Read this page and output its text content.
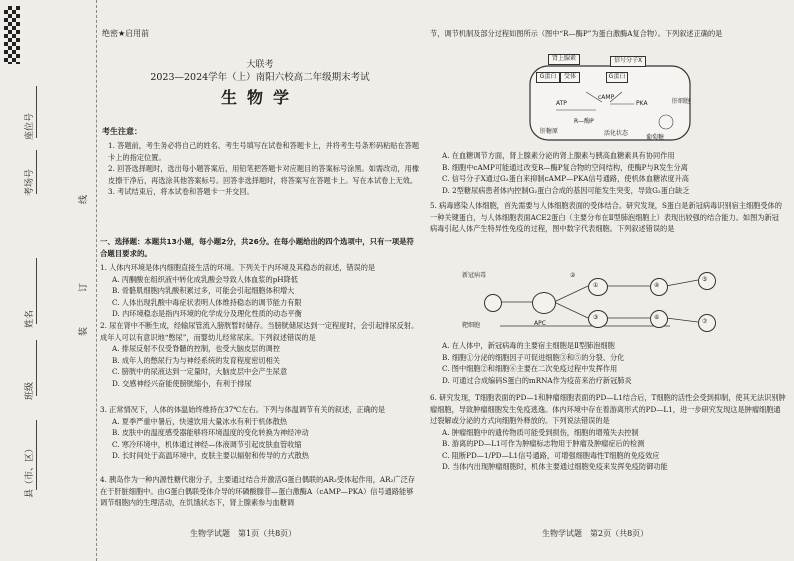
座位号
考场号
姓名
班级
县（市、区）
线
订
装
绝密★启用前
大联考
2023—2024学年（上）南阳六校高二年级期末考试
生物学
考生注意：

1. 答题前，考生务必将自己的姓名、考生号填写在试卷和答题卡上，并将考生号条形码粘贴在答题卡上的指定位置。

2. 回答选择题时，选出每小题答案后，用铅笔把答题卡对应题目的答案标号涂黑。如需改动，用橡皮擦干净后，再选涂其他答案标号。回答非选择题时，将答案写在答题卡上。写在本试卷上无效。

3. 考试结束后，将本试卷和答题卡一并交回。

一、选择题：本题共13小题，每小题2分，共26分。在每小题给出的四个选项中，只有一项是符合题目要求的。

1. 人体内环境是体内细胞直接生活的环境。下列关于内环境及其稳态的叙述，错误的是

A. 丙酮酸在组织液中转化成乳酸会导致人体血浆的pH降低

B. 骨骼肌细胞内乳酸积累过多，可能会引起细胞体积增大

C. 人体出现乳酸中毒症状表明人体维持稳态的调节能力有限

D. 内环境稳态是指内环境的化学成分及理化性质的动态平衡

2. 尿在肾中不断生成，经输尿管流入膀胱暂时储存。当膀胱储尿达到一定程度时，会引起排尿反射。成年人可以有意识地“憋尿”，而婴幼儿经常尿床。下列叙述错误的是

A. 排尿反射不仅受脊髓的控制，也受大脑皮层的调控

B. 成年人的憋尿行为与神经系统的发育程度密切相关

C. 膀胱中的尿液达到一定量时，大脑皮层中会产生尿意

D. 交感神经兴奋能使膀胱缩小，有利于排尿

3. 正常情况下，人体的体温始终维持在37℃左右。下列与体温调节有关的叙述，正确的是

A. 夏季严重中暑后，快速饮用大量冰水有利于机体散热

B. 皮肤中的温度感受器能够将环境温度的变化转换为神经冲动

C. 寒冷环境中，机体通过神经—体液调节引起皮肤血管收缩

D. 长时间处于高温环境中，皮肤主要以辐射和传导的方式散热

4. 胰岛作为一种内源性糖代谢分子，主要通过结合并激活G蛋白偶联的AR₂受体起作用，AR₂广泛存在于肝脏细胞中。由G蛋白偶联受体介导的环磷酸腺苷—蛋白激酶A（cAMP—PKA）信号通路能够调节细胞内的生理活动，在饥饿状态下，肾上腺素参与血糖调

生物学试题　第1页（共8页）

节，调节机制及部分过程如图所示（图中“R—酶P”为蛋白激酶A复合物）。下列叙述正确的是

肾上腺素
G蛋白	受体
信号分子X
G蛋白
cAMP
PKA
ATP
R—酶P
肝细胞
肝糖原
葡萄糖
活化状态

A. 在血糖调节方面，肾上腺素分泌的肾上腺素与胰高血糖素具有协同作用

B. 细胞中cAMP可能通过改变R—酶P复合物的空间结构，使酶P与R发生分离

C. 信号分子X通过G₂蛋白来抑制cAMP—PKA信号通路，使机体血糖浓度升高

D. 2型糖尿病患者体内控制G₂蛋白合成的基因可能发生突变，导致G₂蛋白缺乏

5. 病毒感染人体细胞，首先需要与人体细胞表面的受体结合。研究发现，S蛋白是新冠病毒识别宿主细胞受体的一种关键蛋白，与人体细胞表面ACE2蛋白（主要分布在Ⅱ型肺泡细胞上）表现出较强的结合能力。如图为新冠病毒引起人体产生特异性免疫的过程，图中数字代表细胞。下列叙述错误的是

新冠病毒
APC
靶细胞
①
②
③
④
⑤
⑥
⑦

A. 在人体中，新冠病毒的主要宿主细胞是Ⅱ型肺泡细胞

B. 细胞①分泌的细胞因子可促进细胞③和⑤的分裂、分化

C. 图中细胞②和细胞⑥主要在二次免疫过程中发挥作用

D. 可通过合成编码S蛋白的mRNA作为疫苗来治疗新冠肺炎

6. 研究发现，T细胞表面的PD—1和肿瘤细胞表面的PD—L1结合后，T细胞的活性会受到抑制，使其无法识别肿瘤细胞，导致肿瘤细胞发生免疫逃逸。体内环境中存在着游离形式的PD—L1，进一步研究发现这是肿瘤细胞通过裂解或分泌的方式向细胞外释放的。下列说法错误的是

A. 肿瘤细胞中的遗传物质可能受到损伤，细胞的增殖失去控制

B. 游离的PD—L1可作为肿瘤标志物用于肿瘤及肿瘤症后的检测

C. 阻断PD—1/PD—L1信号通路，可增强细胞毒性T细胞的免疫效应

D. 当体内出现肿瘤细胞时，机体主要通过细胞免疫来发挥免疫防御功能

生物学试题　第2页（共8页）
